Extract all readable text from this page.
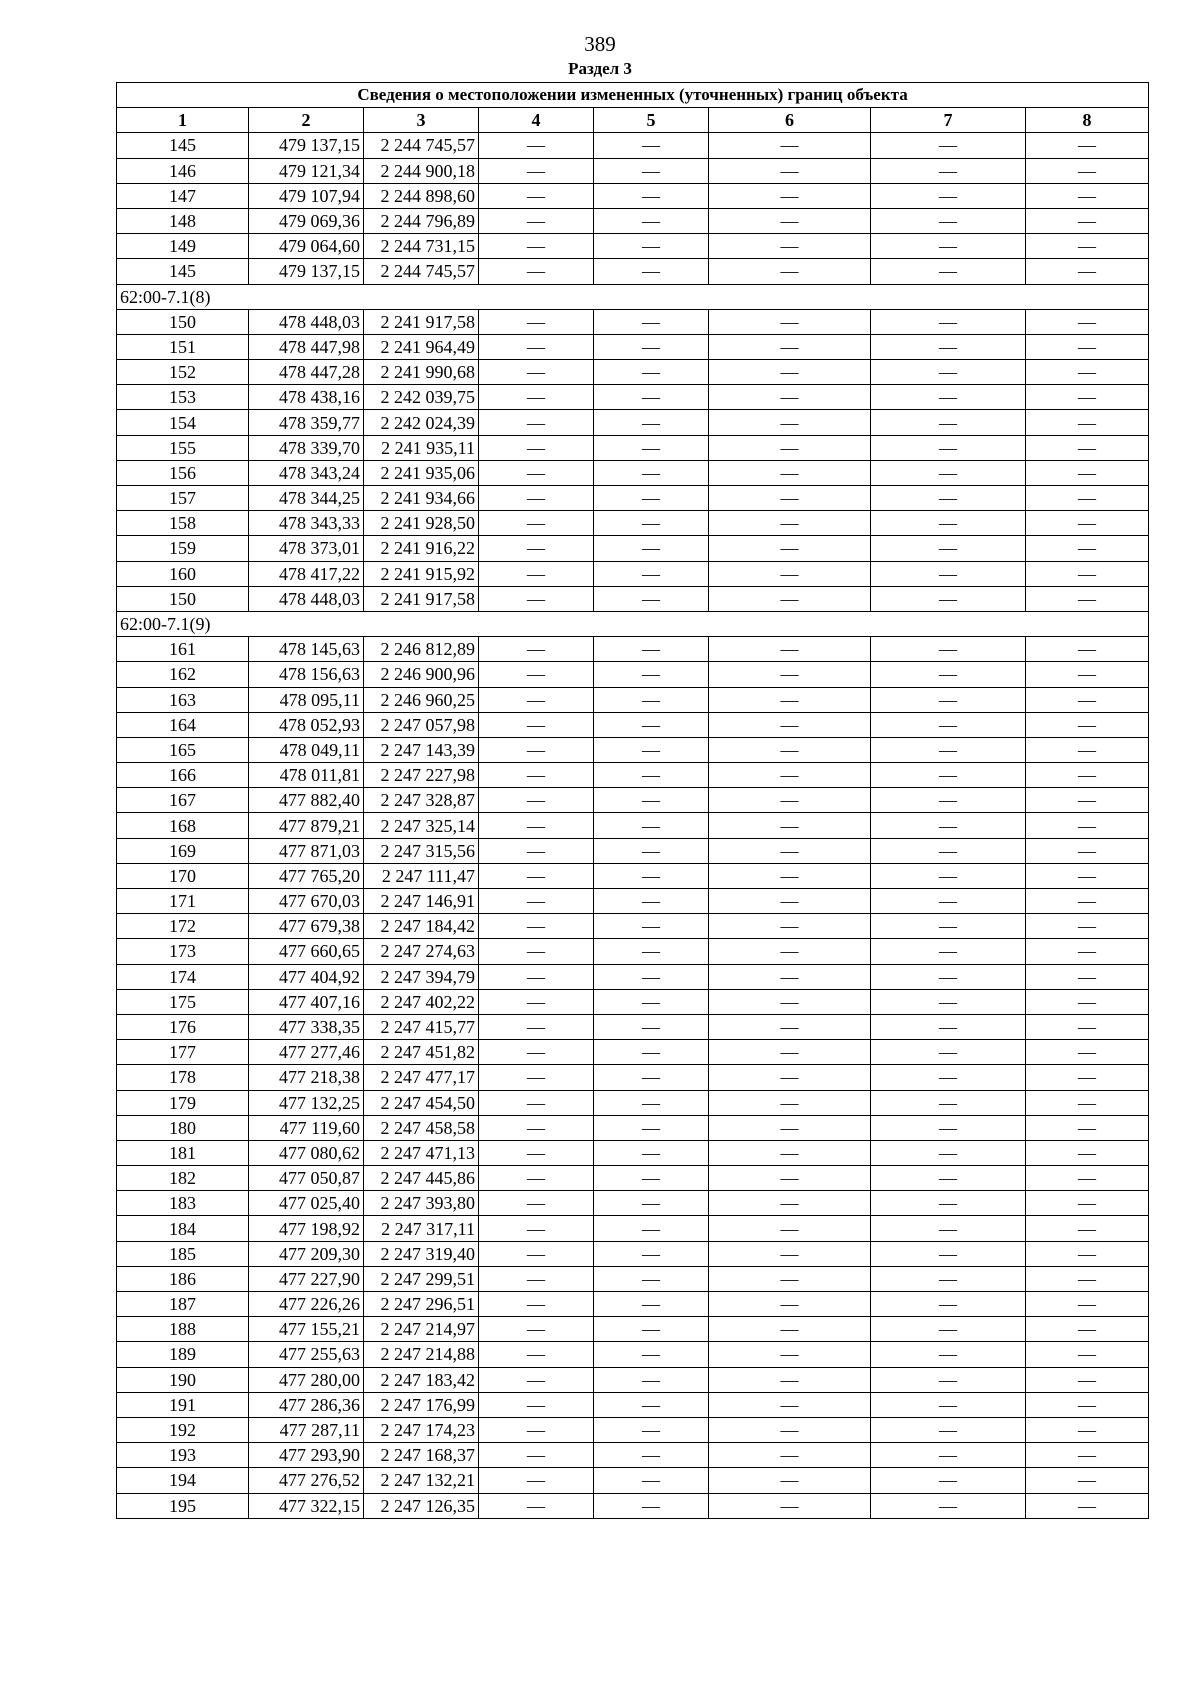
389
Раздел 3
Сведения о местоположении измененных (уточненных) границ объекта							
1	2	3	4	5	6	7	8
145	479 137,15	2 244 745,57	—	—	—	—	—
146	479 121,34	2 244 900,18	—	—	—	—	—
147	479 107,94	2 244 898,60	—	—	—	—	—
148	479 069,36	2 244 796,89	—	—	—	—	—
149	479 064,60	2 244 731,15	—	—	—	—	—
145	479 137,15	2 244 745,57	—	—	—	—	—
62:00-7.1(8)							
150	478 448,03	2 241 917,58	—	—	—	—	—
151	478 447,98	2 241 964,49	—	—	—	—	—
152	478 447,28	2 241 990,68	—	—	—	—	—
153	478 438,16	2 242 039,75	—	—	—	—	—
154	478 359,77	2 242 024,39	—	—	—	—	—
155	478 339,70	2 241 935,11	—	—	—	—	—
156	478 343,24	2 241 935,06	—	—	—	—	—
157	478 344,25	2 241 934,66	—	—	—	—	—
158	478 343,33	2 241 928,50	—	—	—	—	—
159	478 373,01	2 241 916,22	—	—	—	—	—
160	478 417,22	2 241 915,92	—	—	—	—	—
150	478 448,03	2 241 917,58	—	—	—	—	—
62:00-7.1(9)							
161	478 145,63	2 246 812,89	—	—	—	—	—
162	478 156,63	2 246 900,96	—	—	—	—	—
163	478 095,11	2 246 960,25	—	—	—	—	—
164	478 052,93	2 247 057,98	—	—	—	—	—
165	478 049,11	2 247 143,39	—	—	—	—	—
166	478 011,81	2 247 227,98	—	—	—	—	—
167	477 882,40	2 247 328,87	—	—	—	—	—
168	477 879,21	2 247 325,14	—	—	—	—	—
169	477 871,03	2 247 315,56	—	—	—	—	—
170	477 765,20	2 247 111,47	—	—	—	—	—
171	477 670,03	2 247 146,91	—	—	—	—	—
172	477 679,38	2 247 184,42	—	—	—	—	—
173	477 660,65	2 247 274,63	—	—	—	—	—
174	477 404,92	2 247 394,79	—	—	—	—	—
175	477 407,16	2 247 402,22	—	—	—	—	—
176	477 338,35	2 247 415,77	—	—	—	—	—
177	477 277,46	2 247 451,82	—	—	—	—	—
178	477 218,38	2 247 477,17	—	—	—	—	—
179	477 132,25	2 247 454,50	—	—	—	—	—
180	477 119,60	2 247 458,58	—	—	—	—	—
181	477 080,62	2 247 471,13	—	—	—	—	—
182	477 050,87	2 247 445,86	—	—	—	—	—
183	477 025,40	2 247 393,80	—	—	—	—	—
184	477 198,92	2 247 317,11	—	—	—	—	—
185	477 209,30	2 247 319,40	—	—	—	—	—
186	477 227,90	2 247 299,51	—	—	—	—	—
187	477 226,26	2 247 296,51	—	—	—	—	—
188	477 155,21	2 247 214,97	—	—	—	—	—
189	477 255,63	2 247 214,88	—	—	—	—	—
190	477 280,00	2 247 183,42	—	—	—	—	—
191	477 286,36	2 247 176,99	—	—	—	—	—
192	477 287,11	2 247 174,23	—	—	—	—	—
193	477 293,90	2 247 168,37	—	—	—	—	—
194	477 276,52	2 247 132,21	—	—	—	—	—
195	477 322,15	2 247 126,35	—	—	—	—	—
